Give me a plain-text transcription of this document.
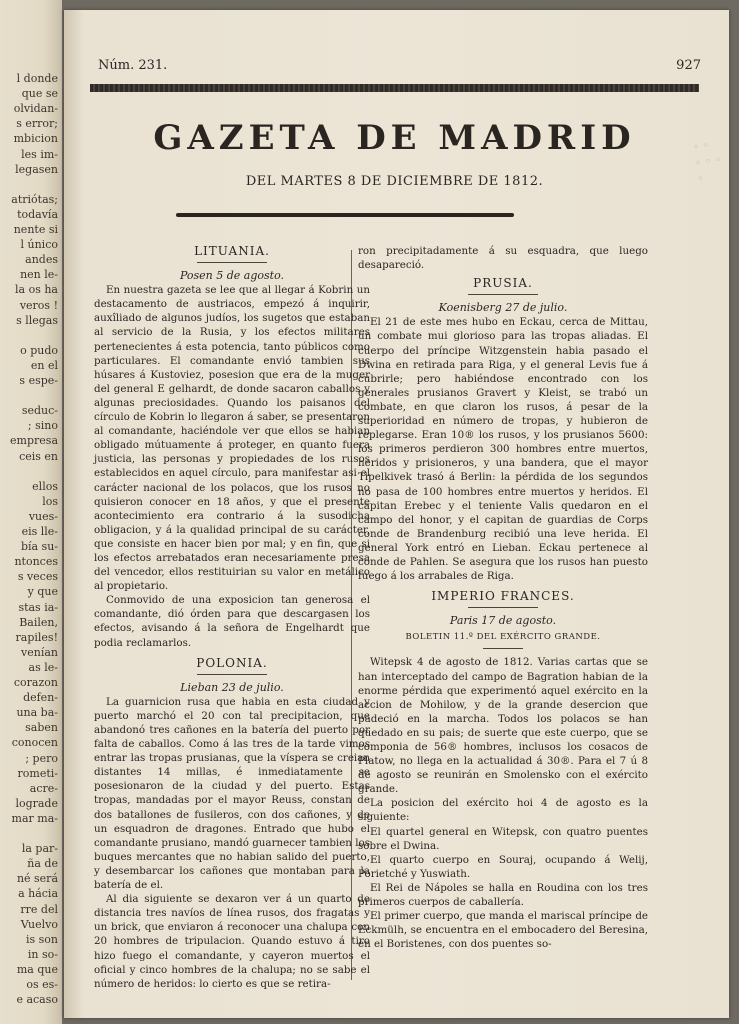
l donde
que se
olvidan-
s error;
mbicion
les im-
legasen
atriótas;
todavía
nente si
l único
andes
nen le-
la os ha
veros !
s llegas
o pudo
en el
s espe-
seduc-
; sino
empresa
ceis en
ellos
los
vues-
eis lle-
bía su-
ntonces
s veces
y que
stas ia-
Bailen,
rapiles!
venían
as le-
corazon
defen-
una ba-
saben
conocen
; pero
rometi-
acre-
lograde
mar ma-
la par-
ña de
né será
a hácia
rre del
Vuelvo
is son
in so-
ma que
os es-
e acaso
Núm. 231.	927
GAZETA DE MADRID
DEL MARTES 8 DE DICIEMBRE DE 1812.
◦ ◦
◦ ◦ ◦
◦

LITUANIA.

Posen 5 de agosto.

En nuestra gazeta se lee que al llegar á Kobrin un destacamento de austriacos, empezó á inquirir, auxîliado de algunos judíos, los sugetos que estaban al servicio de la Rusia, y los efectos militares pertenecientes á esta potencia, tanto públicos como particulares. El comandante envió tambien sus húsares á Kustoviez, posesion que era de la muger del general E gelhardt, de donde sacaron caballos y algunas preciosidades. Quando los paisanos del círculo de Kobrin lo llegaron á saber, se presentaron al comandante, haciéndole ver que ellos se habian obligado mútuamente á proteger, en quanto fuera justicia, las personas y propiedades de los rusos establecidos en aquel círculo, para manifestar asi el carácter nacional de los polacos, que los rusos no quisieron conocer en 18 años, y que el presente acontecimiento era contrario á la susodicha obligacion, y á la qualidad principal de su carácter, que consiste en hacer bien por mal; y en fin, que si los efectos arrebatados eran necesariamente presa del vencedor, ellos restituirian su valor en metálico al propietario.

Conmovido de una exposicion tan generosa el comandante, dió órden para que descargasen los efectos, avisando á la señora de Engelhardt que podia reclamarlos.

POLONIA.

Lieban 23 de julio.

La guarnicion rusa que habia en esta ciudad y puerto marchó el 20 con tal precipitacion, que abandonó tres cañones en la batería del puerto por falta de caballos. Como á las tres de la tarde vimos entrar las tropas prusianas, que la víspera se creian distantes 14 millas, é inmediatamente se posesionaron de la ciudad y del puerto. Estas tropas, mandadas por el mayor Reuss, constan de dos batallones de fusileros, con dos cañones, y de un esquadron de dragones. Entrado que hubo el comandante prusiano, mandó guarnecer tambien los buques mercantes que no habian salido del puerto, y desembarcar los cañones que montaban para la batería de el.

Al dia siguiente se dexaron ver á un quarto de distancia tres navíos de línea rusos, dos fragatas y un brick, que enviaron á reconocer una chalupa con 20 hombres de tripulacion. Quando estuvo á tiro hizo fuego el comandante, y cayeron muertos el oficial y cinco hombres de la chalupa; no se sabe el número de heridos: lo cierto es que se retira-

ron precipitadamente á su esquadra, que luego desapareció.

PRUSIA.

Koenisberg 27 de julio.

El 21 de este mes hubo en Eckau, cerca de Mittau, un combate mui glorioso para las tropas aliadas. El cuerpo del príncipe Witzgenstein habia pasado el Dwina en retirada para Riga, y el general Levis fue á cubrirle; pero habiéndose encontrado con los generales prusianos Gravert y Kleist, se trabó un combate, en que claron los rusos, á pesar de la superioridad en número de tropas, y hubieron de replegarse. Eran 10® los rusos, y los prusianos 5600: los primeros perdieron 300 hombres entre muertos, heridos y prisioneros, y una bandera, que el mayor Tipelkivek trasó á Berlin: la pérdida de los segundos no pasa de 100 hombres entre muertos y heridos. El capitan Erebec y el teniente Valis quedaron en el campo del honor, y el capitan de guardias de Corps conde de Brandenburg recibió una leve herida. El general York entró en Lieban. Eckau pertenece al conde de Pahlen. Se asegura que los rusos han puesto fuego á los arrabales de Riga.

IMPERIO FRANCES.

Paris 17 de agosto.

BOLETIN 11.º DEL EXÉRCITO GRANDE.

Witepsk 4 de agosto de 1812. Varias cartas que se han interceptado del campo de Bagration habian de la enorme pérdida que experimentó aquel exército en la accion de Mohilow, y de la grande desercion que padeció en la marcha. Todos los polacos se han quedado en su pais; de suerte que este cuerpo, que se componia de 56® hombres, inclusos los cosacos de Platow, no llega en la actualidad á 30®. Para el 7 ú 8 de agosto se reunirán en Smolensko con el exército grande.

La posicion del exército hoi 4 de agosto es la siguiente:

El quartel general en Witepsk, con quatro puentes sobre el Dwina.

El quarto cuerpo en Souraj, ocupando á Welij, Porietché y Yuswiath.

El Rei de Nápoles se halla en Roudina con los tres primeros cuerpos de caballería.

El primer cuerpo, que manda el mariscal príncipe de Eckmülh, se encuentra en el embocadero del Beresina, en el Boristenes, con dos puentes so-
